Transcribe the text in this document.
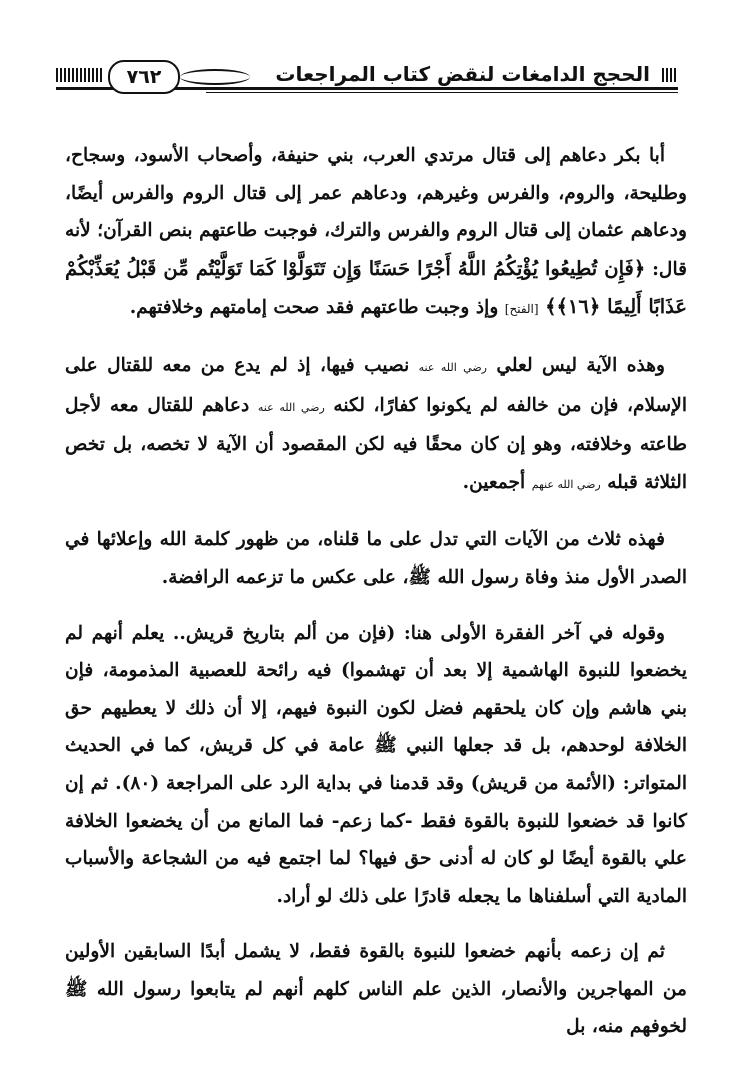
الحجج الدامغات لنقض كتاب المراجعات
٧٦٢

أبا بكر دعاهم إلى قتال مرتدي العرب، بني حنيفة، وأصحاب الأسود، وسجاح، وطليحة، والروم، والفرس وغيرهم، ودعاهم عمر إلى قتال الروم والفرس أيضًا، ودعاهم عثمان إلى قتال الروم والفرس والترك، فوجبت طاعتهم بنص القرآن؛ لأنه قال: ﴿فَإِن تُطِيعُوا يُؤْتِكُمُ اللَّهُ أَجْرًا حَسَنًا وَإِن تَتَوَلَّوْا كَمَا تَوَلَّيْتُم مِّن قَبْلُ يُعَذِّبْكُمْ عَذَابًا أَلِيمًا ﴿١٦﴾﴾ [الفتح] وإذ وجبت طاعتهم فقد صحت إمامتهم وخلافتهم.

وهذه الآية ليس لعلي رضي الله عنه نصيب فيها، إذ لم يدع من معه للقتال على الإسلام، فإن من خالفه لم يكونوا كفارًا، لكنه رضي الله عنه دعاهم للقتال معه لأجل طاعته وخلافته، وهو إن كان محقًا فيه لكن المقصود أن الآية لا تخصه، بل تخص الثلاثة قبله رضي الله عنهم أجمعين.

فهذه ثلاث من الآيات التي تدل على ما قلناه، من ظهور كلمة الله وإعلائها في الصدر الأول منذ وفاة رسول الله ﷺ، على عكس ما تزعمه الرافضة.

وقوله في آخر الفقرة الأولى هنا: (فإن من ألم بتاريخ قريش.. يعلم أنهم لم يخضعوا للنبوة الهاشمية إلا بعد أن تهشموا) فيه رائحة للعصبية المذمومة، فإن بني هاشم وإن كان يلحقهم فضل لكون النبوة فيهم، إلا أن ذلك لا يعطيهم حق الخلافة لوحدهم، بل قد جعلها النبي ﷺ عامة في كل قريش، كما في الحديث المتواتر: (الأئمة من قريش) وقد قدمنا في بداية الرد على المراجعة (٨٠). ثم إن كانوا قد خضعوا للنبوة بالقوة فقط -كما زعم- فما المانع من أن يخضعوا الخلافة علي بالقوة أيضًا لو كان له أدنى حق فيها؟ لما اجتمع فيه من الشجاعة والأسباب المادية التي أسلفناها ما يجعله قادرًا على ذلك لو أراد.

ثم إن زعمه بأنهم خضعوا للنبوة بالقوة فقط، لا يشمل أبدًا السابقين الأولين من المهاجرين والأنصار، الذين علم الناس كلهم أنهم لم يتابعوا رسول الله ﷺ لخوفهم منه، بل
